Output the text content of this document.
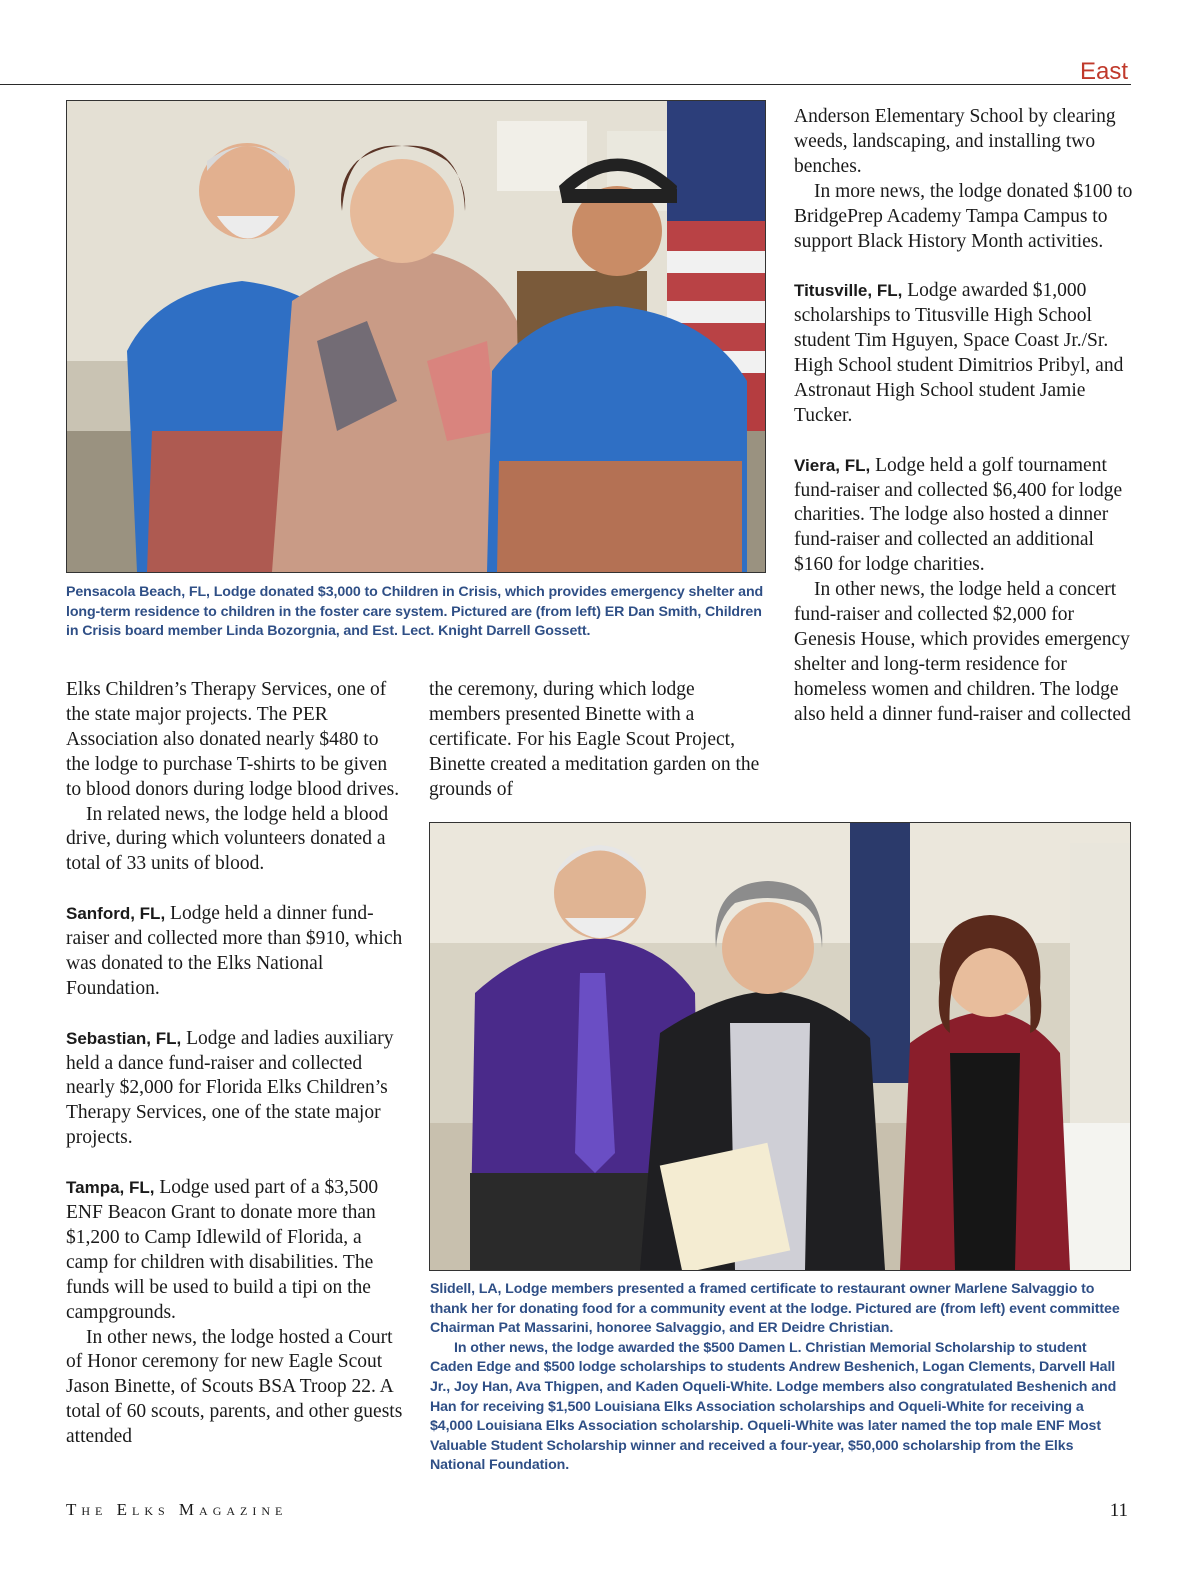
East

Pensacola Beach, FL, Lodge donated $3,000 to Children in Crisis, which provides emergency shelter and long-term residence to children in the foster care system. Pictured are (from left) ER Dan Smith, Children in Crisis board member Linda Bozorgnia, and Est. Lect. Knight Darrell Gossett.

Elks Children’s Therapy Services, one of the state major projects. The PER Association also donated nearly $480 to the lodge to purchase T-shirts to be given to blood donors during lodge blood drives.

In related news, the lodge held a blood drive, during which volunteers donated a total of 33 units of blood.

Sanford, FL, Lodge held a dinner fund-raiser and collected more than $910, which was donated to the Elks National Foundation.

Sebastian, FL, Lodge and ladies auxiliary held a dance fund-raiser and collected nearly $2,000 for Florida Elks Children’s Therapy Services, one of the state major projects.

Tampa, FL, Lodge used part of a $3,500 ENF Beacon Grant to donate more than $1,200 to Camp Idlewild of Florida, a camp for children with disabilities. The funds will be used to build a tipi on the campgrounds.

In other news, the lodge hosted a Court of Honor ceremony for new Eagle Scout Jason Binette, of Scouts BSA Troop 22. A total of 60 scouts, parents, and other guests attended

the ceremony, during which lodge members presented Binette with a certificate. For his Eagle Scout Project, Binette created a meditation garden on the grounds of

Anderson Elementary School by clearing weeds, landscaping, and installing two benches.

In more news, the lodge donated $100 to BridgePrep Academy Tampa Campus to support Black History Month activities.

Titusville, FL, Lodge awarded $1,000 scholarships to Titusville High School student Tim Hguyen, Space Coast Jr./Sr. High School student Dimitrios Pribyl, and Astronaut High School student Jamie Tucker.

Viera, FL, Lodge held a golf tournament fund-raiser and collected $6,400 for lodge charities. The lodge also hosted a dinner fund-raiser and collected an additional $160 for lodge charities.

In other news, the lodge held a concert fund-raiser and collected $2,000 for Genesis House, which provides emergency shelter and long-term residence for homeless women and children. The lodge also held a dinner fund-raiser and collected

Slidell, LA, Lodge members presented a framed certificate to restaurant owner Marlene Salvaggio to thank her for donating food for a community event at the lodge. Pictured are (from left) event committee Chairman Pat Massarini, honoree Salvaggio, and ER Deidre Christian.

In other news, the lodge awarded the $500 Damen L. Christian Memorial Scholarship to student Caden Edge and $500 lodge scholarships to students Andrew Beshenich, Logan Clements, Darvell Hall Jr., Joy Han, Ava Thigpen, and Kaden Oqueli-White. Lodge members also congratulated Beshenich and Han for receiving $1,500 Louisiana Elks Association scholarships and Oqueli-White for receiving a $4,000 Louisiana Elks Association scholarship. Oqueli-White was later named the top male ENF Most Valuable Student Scholarship winner and received a four-year, $50,000 scholarship from the Elks National Foundation.

The Elks Magazine	11
